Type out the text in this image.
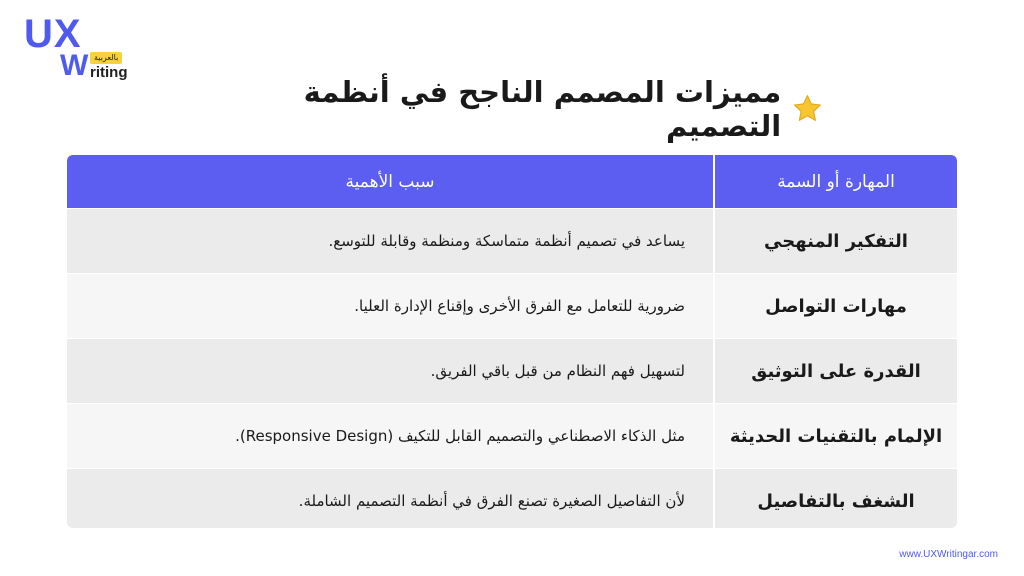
UX
W بالعربية
riting
مميزات المصمم الناجح في أنظمة التصميم
المهارة أو السمة
سبب الأهمية
التفكير المنهجي
يساعد في تصميم أنظمة متماسكة ومنظمة وقابلة للتوسع.
مهارات التواصل
ضرورية للتعامل مع الفرق الأخرى وإقناع الإدارة العليا.
القدرة على التوثيق
لتسهيل فهم النظام من قبل باقي الفريق.
الإلمام بالتقنيات الحديثة
مثل الذكاء الاصطناعي والتصميم القابل للتكيف (Responsive Design).
الشغف بالتفاصيل
لأن التفاصيل الصغيرة تصنع الفرق في أنظمة التصميم الشاملة.
www.UXWritingar.com
